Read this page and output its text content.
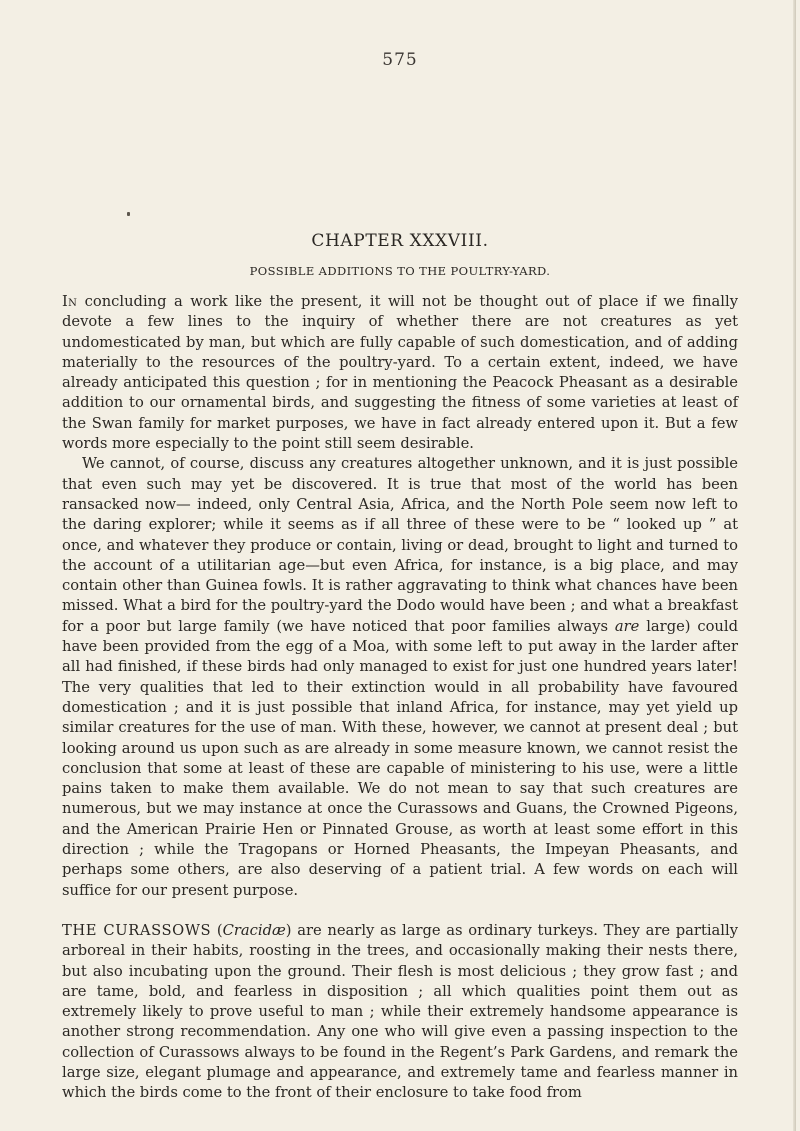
575
CHAPTER XXXVIII.
POSSIBLE ADDITIONS TO THE POULTRY-YARD.

In concluding a work like the present, it will not be thought out of place if we finally devote a few lines to the inquiry of whether there are not creatures as yet undomesticated by man, but which are fully capable of such domestication, and of adding materially to the resources of the poultry-yard. To a certain extent, indeed, we have already anticipated this question ; for in mentioning the Peacock Pheasant as a desirable addition to our ornamental birds, and suggesting the fitness of some varieties at least of the Swan family for market purposes, we have in fact already entered upon it. But a few words more especially to the point still seem desirable.

We cannot, of course, discuss any creatures altogether unknown, and it is just possible that even such may yet be discovered. It is true that most of the world has been ransacked now— indeed, only Central Asia, Africa, and the North Pole seem now left to the daring explorer; while it seems as if all three of these were to be “ looked up ” at once, and whatever they produce or contain, living or dead, brought to light and turned to the account of a utilitarian age—but even Africa, for instance, is a big place, and may contain other than Guinea fowls. It is rather aggravating to think what chances have been missed. What a bird for the poultry-yard the Dodo would have been ; and what a breakfast for a poor but large family (we have noticed that poor families always are large) could have been provided from the egg of a Moa, with some left to put away in the larder after all had finished, if these birds had only managed to exist for just one hundred years later! The very qualities that led to their extinction would in all probability have favoured domestication ; and it is just possible that inland Africa, for instance, may yet yield up similar creatures for the use of man. With these, however, we cannot at present deal ; but looking around us upon such as are already in some measure known, we cannot resist the conclusion that some at least of these are capable of ministering to his use, were a little pains taken to make them available. We do not mean to say that such creatures are numerous, but we may instance at once the Curassows and Guans, the Crowned Pigeons, and the American Prairie Hen or Pinnated Grouse, as worth at least some effort in this direction ; while the Tragopans or Horned Pheasants, the Impeyan Pheasants, and perhaps some others, are also deserving of a patient trial. A few words on each will suffice for our present purpose.

THE CURASSOWS (Cracidæ) are nearly as large as ordinary turkeys. They are partially arboreal in their habits, roosting in the trees, and occasionally making their nests there, but also incubating upon the ground. Their flesh is most delicious ; they grow fast ; and are tame, bold, and fearless in disposition ; all which qualities point them out as extremely likely to prove useful to man ; while their extremely handsome appearance is another strong recommendation. Any one who will give even a passing inspection to the collection of Curassows always to be found in the Regent’s Park Gardens, and remark the large size, elegant plumage and appearance, and extremely tame and fearless manner in which the birds come to the front of their enclosure to take food from
